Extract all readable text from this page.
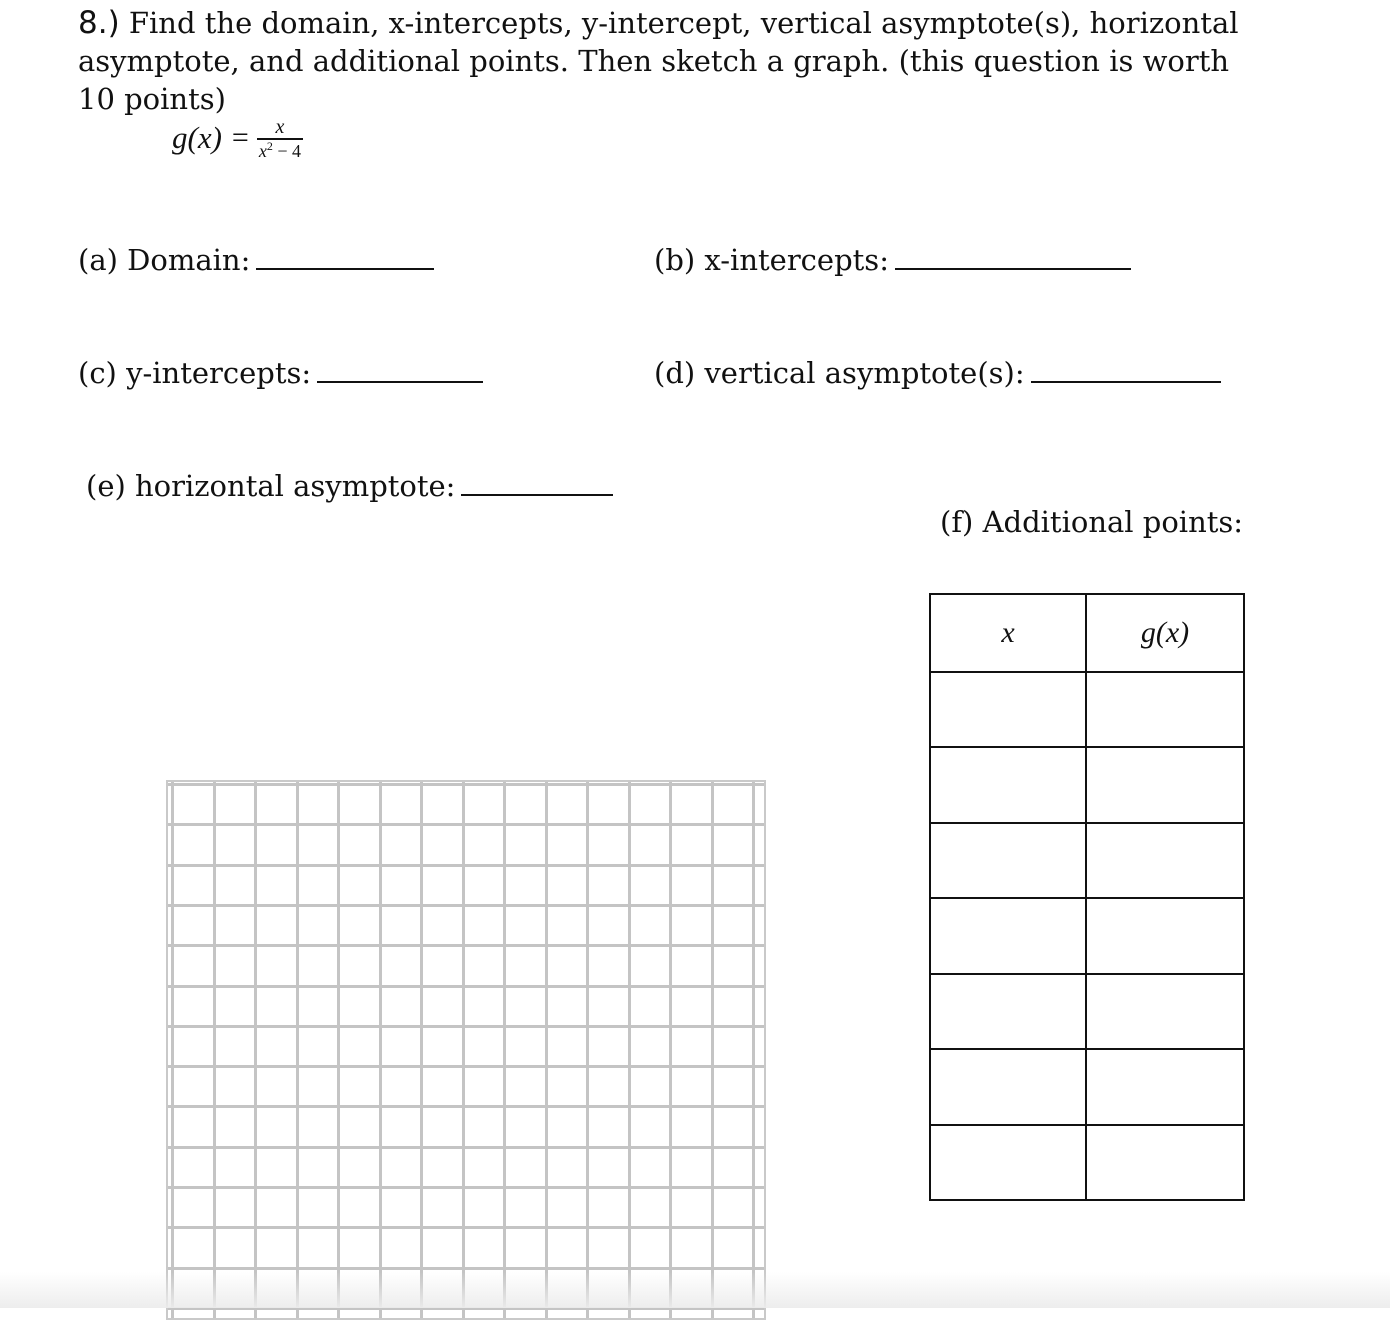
8.) Find the domain, x-intercepts, y-intercept, vertical asymptote(s), horizontal asymptote, and additional points. Then sketch a graph. (this question is worth 10 points)
$g(x) = \frac{x}{x^2 - 4}$
(a) Domain:	(b) x-intercepts:
(c) y-intercepts:	(d) vertical asymptote(s):
(e) horizontal asymptote:
(f) Additional points:
x	g(x)
